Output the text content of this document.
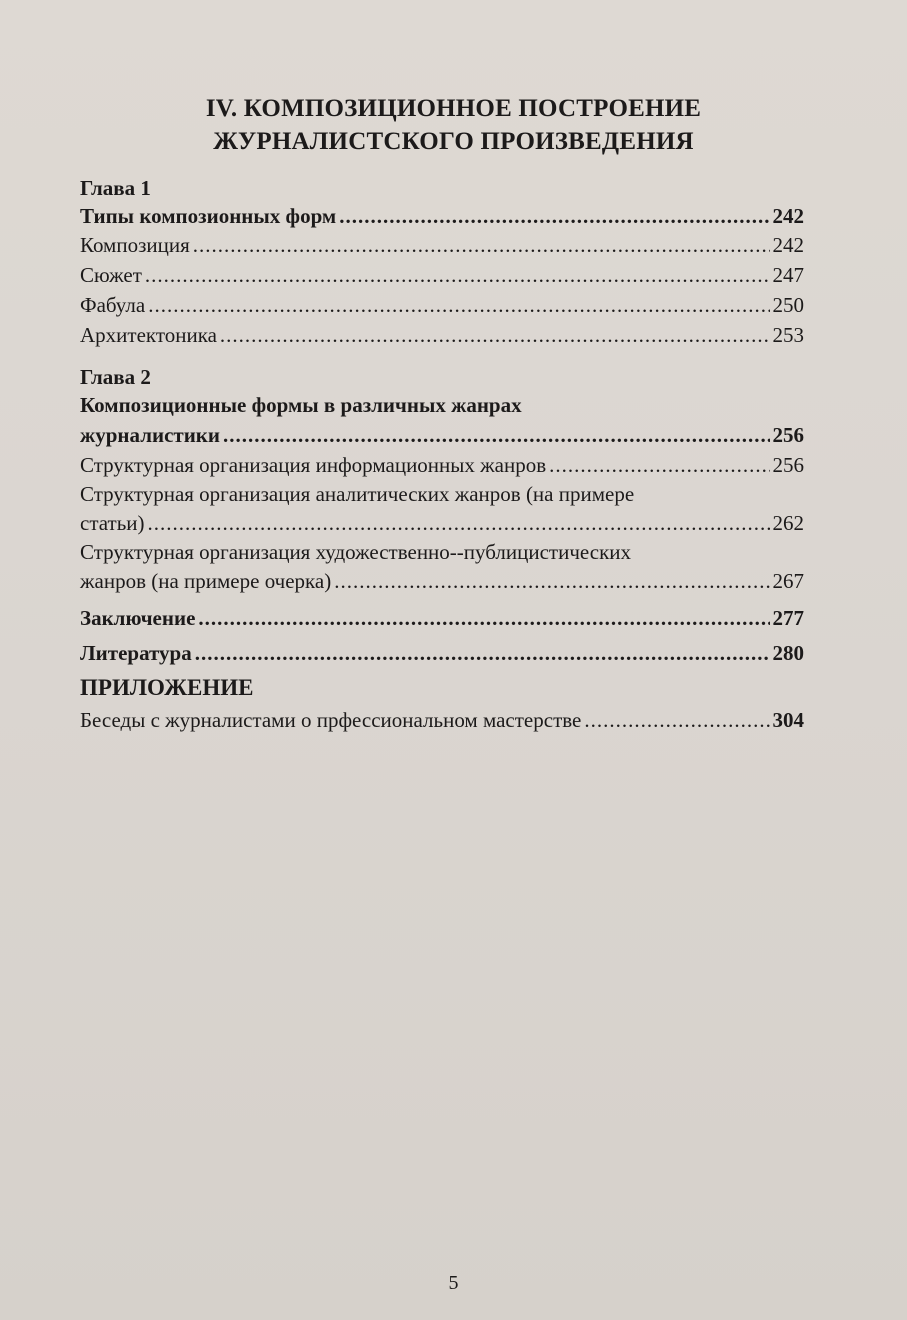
IV. КОМПОЗИЦИОННОЕ ПОСТРОЕНИЕ
ЖУРНАЛИСТСКОГО ПРОИЗВЕДЕНИЯ
Глава 1
Типы композионных форм .....	242
Композиция .....	242
Сюжет .....	247
Фабула .....	250
Архитектоника .....	253
Глава 2
Композиционные формы в различных жанрах
журналистики .....	256
Структурная организация информационных жанров .....	256
Структурная организация аналитических жанров (на примере
статьи) .....	262
Структурная организация художественно--публицистических
жанров (на примере очерка) .....	267
Заключение .....	277
Литература .....	280
ПРИЛОЖЕНИЕ
Беседы с журналистами о прфессиональном мастерстве .....	304
5
